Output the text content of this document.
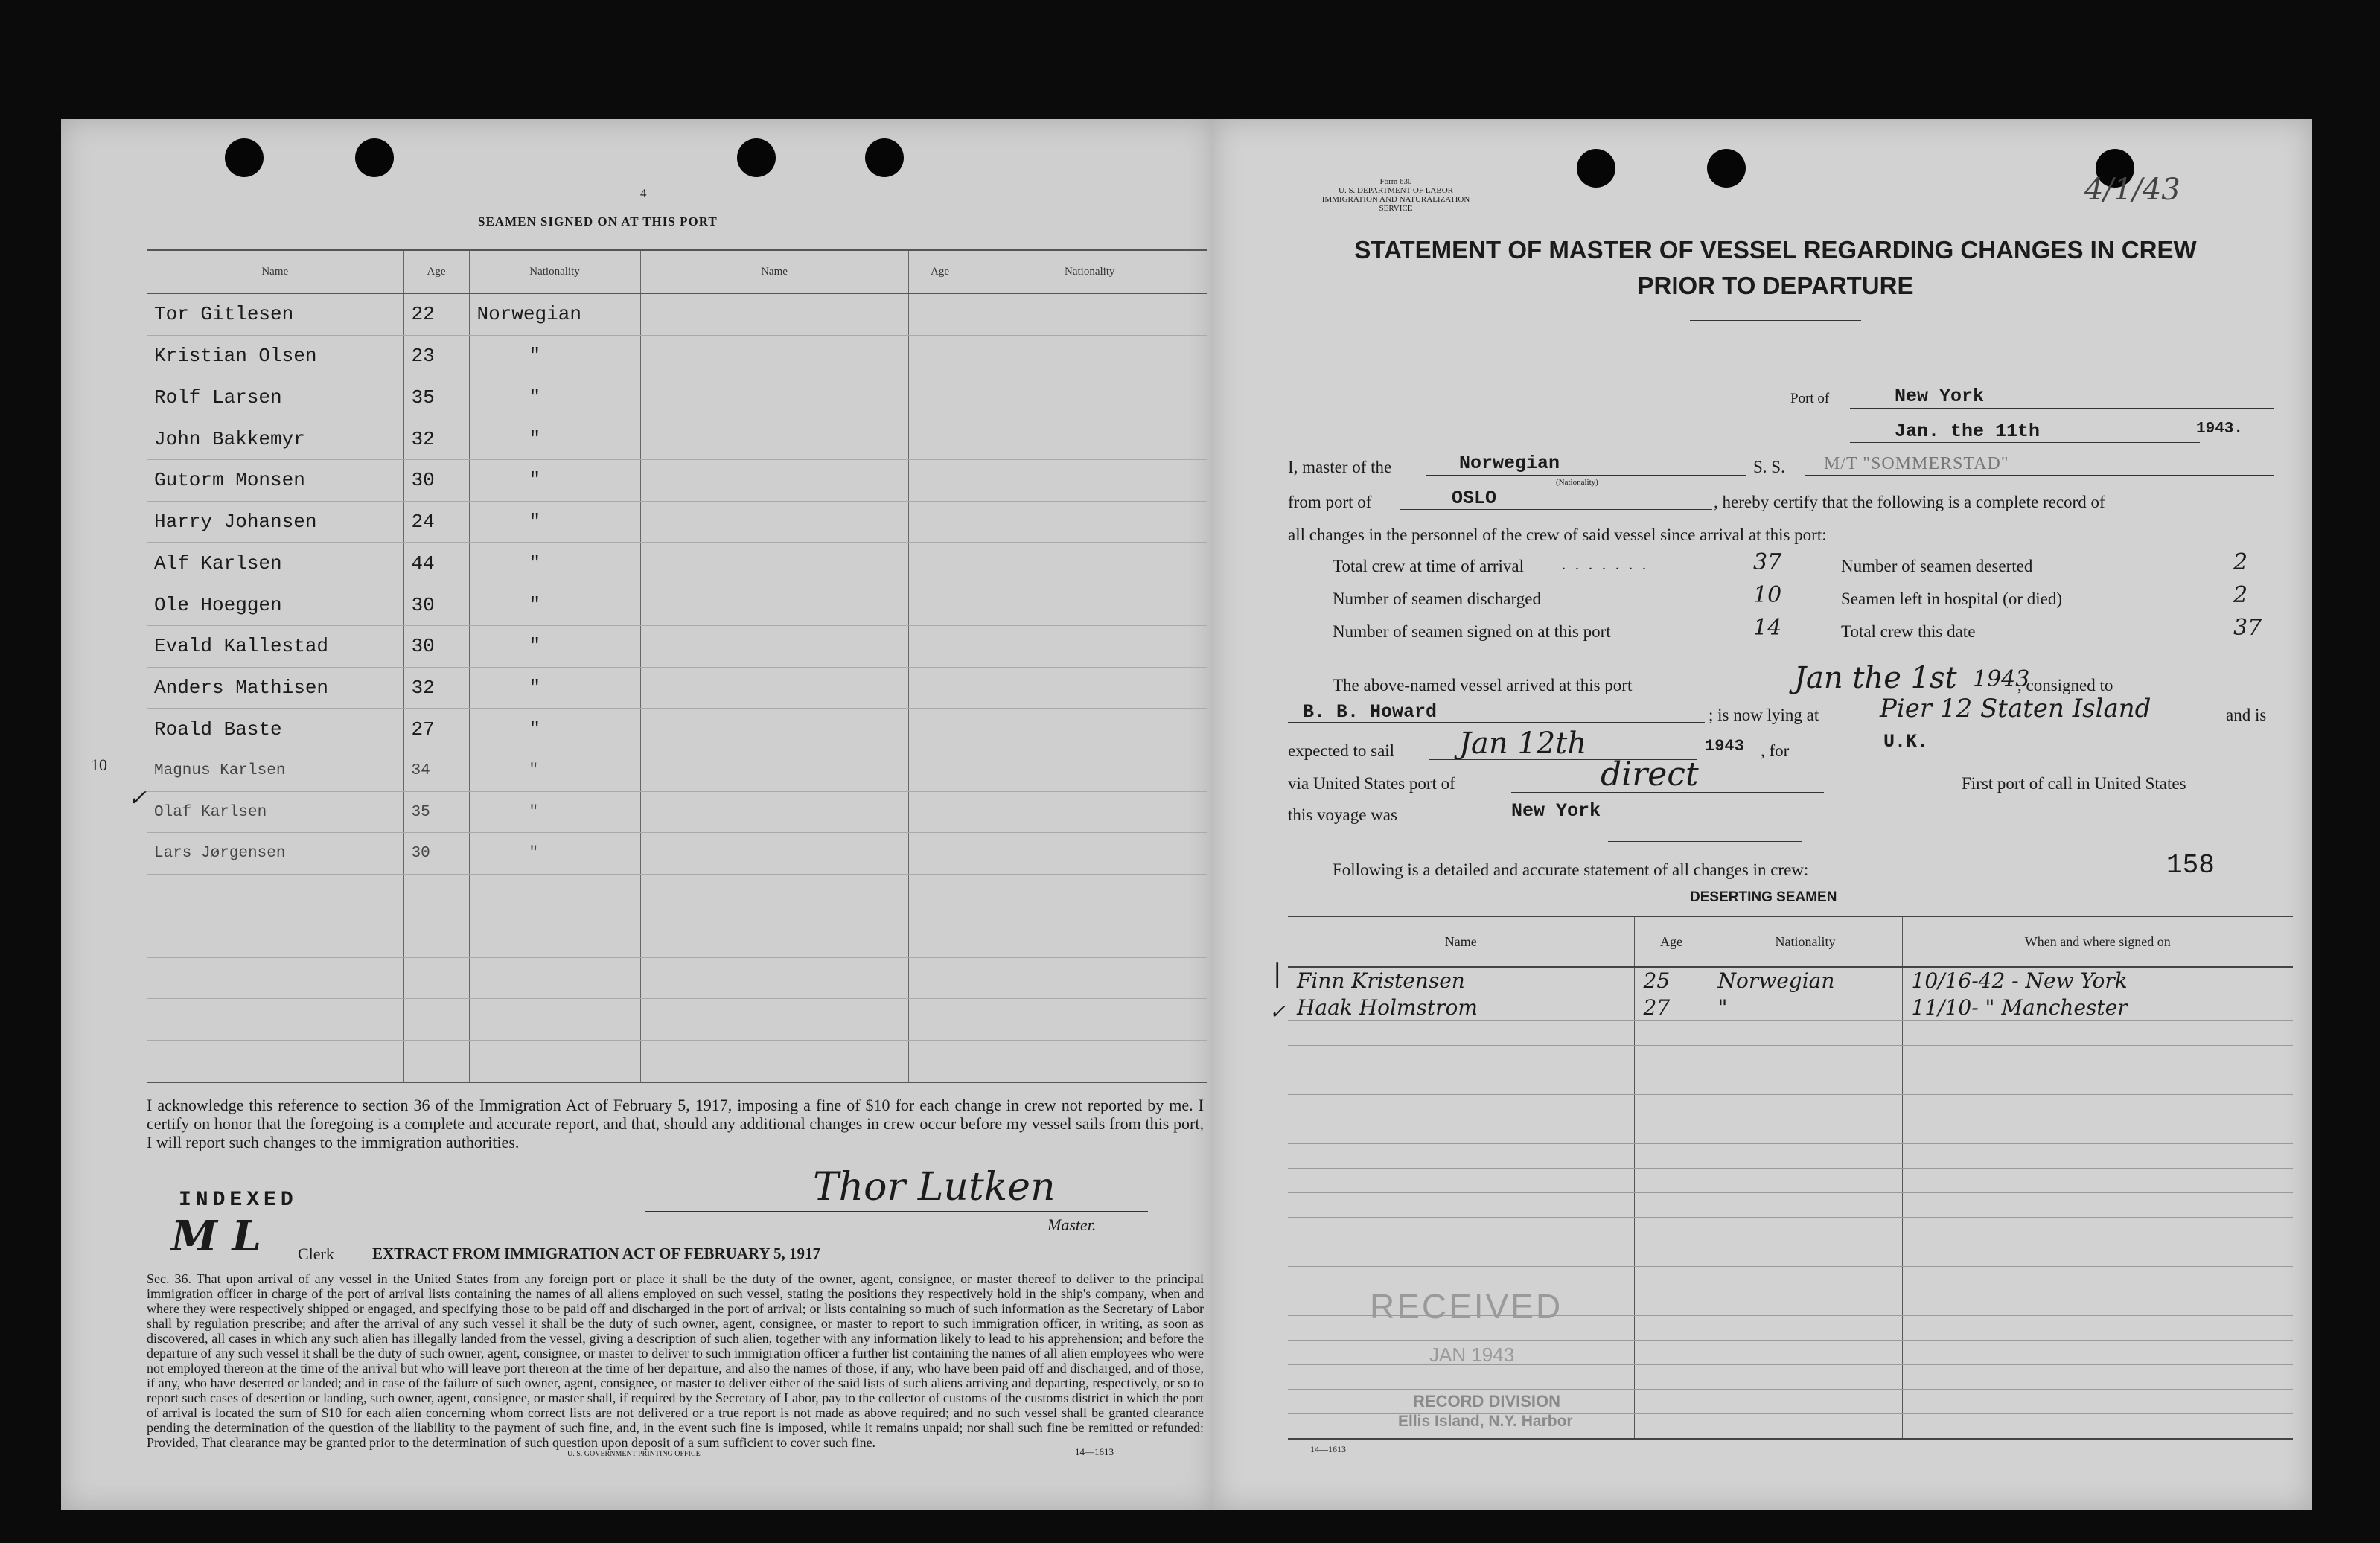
4
SEAMEN SIGNED ON AT THIS PORT
Name	Age	Nationality	Name	Age	Nationality
Tor Gitlesen	22	Norwegian			
Kristian Olsen	23	"			
Rolf Larsen	35	"			
John Bakkemyr	32	"			
Gutorm Monsen	30	"			
Harry Johansen	24	"			
Alf Karlsen	44	"			
Ole Hoeggen	30	"			
Evald Kallestad	30	"			
Anders Mathisen	32	"			
Roald Baste	27	"			
Magnus Karlsen	34	"			
Olaf Karlsen	35	"			
Lars Jørgensen	30	"			

10
✓
I acknowledge this reference to section 36 of the Immigration Act of February 5, 1917, imposing a fine of $10 for each change in crew not reported by me. I certify on honor that the foregoing is a complete and accurate report, and that, should any additional changes in crew occur before my vessel sails from this port, I will report such changes to the immigration authorities.
INDEXED
M L Clerk
Thor Lutken
Master.
EXTRACT FROM IMMIGRATION ACT OF FEBRUARY 5, 1917
Sec. 36. That upon arrival of any vessel in the United States from any foreign port or place it shall be the duty of the owner, agent, consignee, or master thereof to deliver to the principal immigration officer in charge of the port of arrival lists containing the names of all aliens employed on such vessel, stating the positions they respectively hold in the ship's company, when and where they were respectively shipped or engaged, and specifying those to be paid off and discharged in the port of arrival; or lists containing so much of such information as the Secretary of Labor shall by regulation prescribe; and after the arrival of any such vessel it shall be the duty of such owner, agent, consignee, or master to report to such immigration officer, in writing, as soon as discovered, all cases in which any such alien has illegally landed from the vessel, giving a description of such alien, together with any information likely to lead to his apprehension; and before the departure of any such vessel it shall be the duty of such owner, agent, consignee, or master to deliver to such immigration officer a further list containing the names of all alien employees who were not employed thereon at the time of the arrival but who will leave port thereon at the time of her departure, and also the names of those, if any, who have been paid off and discharged, and of those, if any, who have deserted or landed; and in case of the failure of such owner, agent, consignee, or master to deliver either of the said lists of such aliens arriving and departing, respectively, or so to report such cases of desertion or landing, such owner, agent, consignee, or master shall, if required by the Secretary of Labor, pay to the collector of customs of the customs district in which the port of arrival is located the sum of $10 for each alien concerning whom correct lists are not delivered or a true report is not made as above required; and no such vessel shall be granted clearance pending the determination of the question of the liability to the payment of such fine, and, in the event such fine is imposed, while it remains unpaid; nor shall such fine be remitted or refunded: Provided, That clearance may be granted prior to the determination of such question upon deposit of a sum sufficient to cover such fine.
U. S. GOVERNMENT PRINTING OFFICE	14—1613
Form 630
U. S. DEPARTMENT OF LABOR
IMMIGRATION AND NATURALIZATION SERVICE
4/1/43
STATEMENT OF MASTER OF VESSEL REGARDING CHANGES IN CREW
PRIOR TO DEPARTURE
Port of	New York
Jan. the 11th	1943.
I, master of the	Norwegian
(Nationality)
S. S. M/T "SOMMERSTAD"
from port of	OSLO	, hereby certify that the following is a complete record of
all changes in the personnel of the crew of said vessel since arrival at this port:
Total crew at time of arrival	. . . . . . .	37	Number of seamen deserted	2
Number of seamen discharged	10	Seamen left in hospital (or died)	2
Number of seamen signed on at this port	14	Total crew this date	37
The above-named vessel arrived at this port	Jan the 1st 1943
, consigned to
B. B. Howard	; is now lying at Pier 12 Staten Island	and is
expected to sail Jan 12th	1943 , for	U.K.
via United States port of	direct	First port of call in United States
this voyage was	New York
Following is a detailed and accurate statement of all changes in crew:	158
DESERTING SEAMEN
Name	Age	Nationality	When and where signed on
Finn Kristensen	25	Norwegian	10/16-42 - New York
Haak Holmstrom	27	"	11/10- " Manchester

|
✓
RECEIVED
JAN 1943
RECORD DIVISION
Ellis Island, N.Y. Harbor
14—1613
